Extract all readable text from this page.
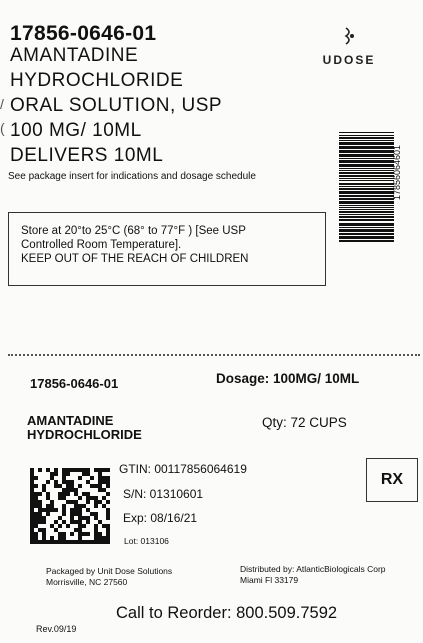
17856-0646-01
AMANTADINE
HYDROCHLORIDE
ORAL SOLUTION, USP
100 MG/ 10ML
DELIVERS 10ML
/
(
See package insert for indications and dosage schedule
UDOSE
17856064601
Store at 20°to 25°C (68° to 77°F ) [See USP
Controlled Room Temperature].
KEEP OUT OF THE REACH OF CHILDREN
17856-0646-01	Dosage: 100MG/ 10ML
AMANTADINE
HYDROCHLORIDE
Qty: 72 CUPS
GTIN: 00117856064619
S/N: 01310601
Exp: 08/16/21
Lot: 013106
RX
Packaged by Unit Dose Solutions
Morrisville, NC 27560
Distributed by: AtlanticBiologicals Corp
Miami Fl 33179
Call to Reorder: 800.509.7592
Rev.09/19
